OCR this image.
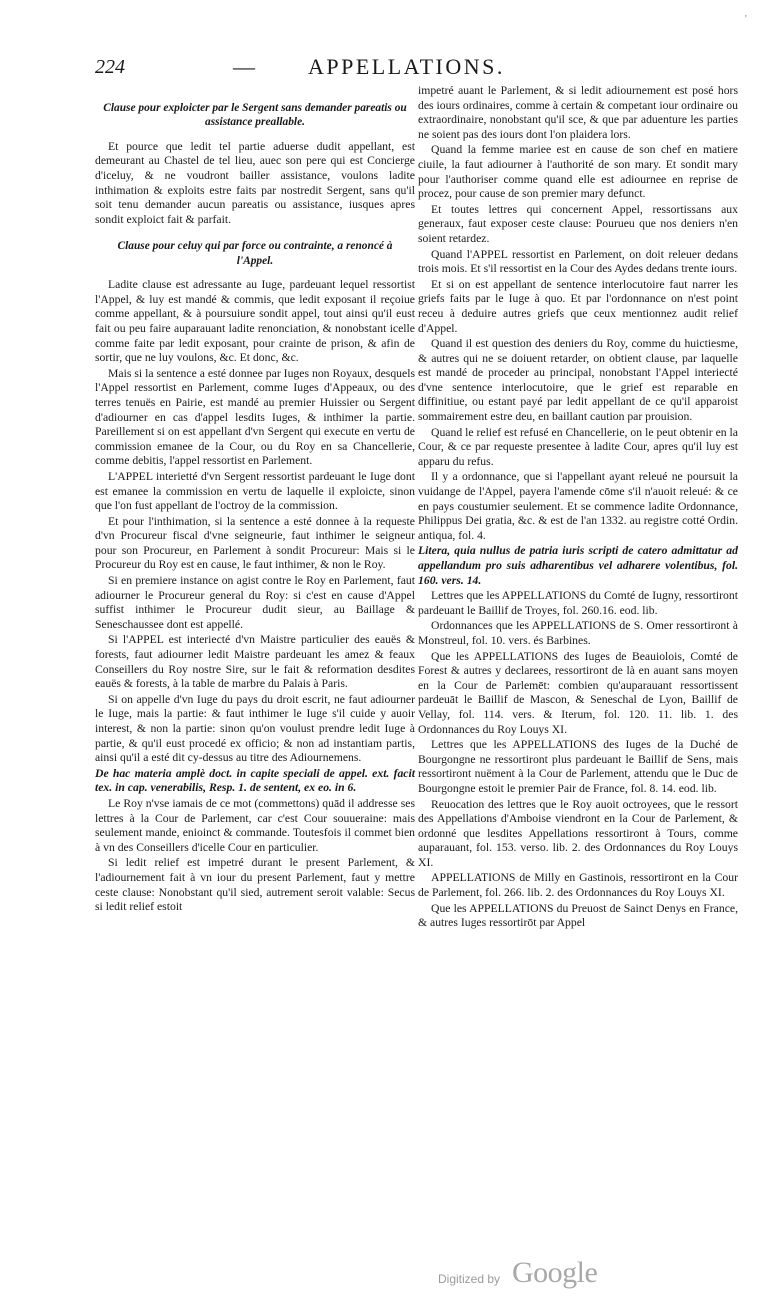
'
224	— APPELLATIONS.
Clause pour exploicter par le Sergent sans demander pareatis ou assistance preallable.

Et pource que ledit tel partie aduerse dudit appellant, est demeurant au Chastel de tel lieu, auec son pere qui est Concierge d'iceluy, & ne voudront bailler assistance, voulons ladite inthimation & exploits estre faits par nostredit Sergent, sans qu'il soit tenu demander aucun pareatis ou assistance, iusques apres sondit exploict fait & parfait.

Clause pour celuy qui par force ou contrainte, a renoncé à l'Appel.

Ladite clause est adressante au Iuge, pardeuant lequel ressortist l'Appel, & luy est mandé & commis, que ledit exposant il reçoiue comme appellant, & à poursuiure sondit appel, tout ainsi qu'il eust fait ou peu faire auparauant ladite renonciation, & nonobstant icelle comme faite par ledit exposant, pour crainte de prison, & afin de sortir, que ne luy voulons, &c. Et donc, &c.

Mais si la sentence a esté donnee par Iuges non Royaux, desquels l'Appel ressortist en Parlement, comme Iuges d'Appeaux, ou des terres tenuës en Pairie, est mandé au premier Huissier ou Sergent d'adiourner en cas d'appel lesdits Iuges, & inthimer la partie. Pareillement si on est appellant d'vn Sergent qui execute en vertu de commission emanee de la Cour, ou du Roy en sa Chancellerie, comme debitis, l'appel ressortist en Parlement.

L'APPEL interietté d'vn Sergent ressortist pardeuant le Iuge dont est emanee la commission en vertu de laquelle il exploicte, sinon que l'on fust appellant de l'octroy de la commission.

Et pour l'inthimation, si la sentence a esté donnee à la requeste d'vn Procureur fiscal d'vne seigneurie, faut inthimer le seigneur pour son Procureur, en Parlement à sondit Procureur: Mais si le Procureur du Roy est en cause, le faut inthimer, & non le Roy.

Si en premiere instance on agist contre le Roy en Parlement, faut adiourner le Procureur general du Roy: si c'est en cause d'Appel suffist inthimer le Procureur dudit sieur, au Baillage & Seneschaussee dont est appellé.

Si l'APPEL est interiecté d'vn Maistre particulier des eauës & forests, faut adiourner ledit Maistre pardeuant les amez & feaux Conseillers du Roy nostre Sire, sur le fait & reformation desdites eauës & forests, à la table de marbre du Palais à Paris.

Si on appelle d'vn Iuge du pays du droit escrit, ne faut adiourner le Iuge, mais la partie: & faut inthimer le Iuge s'il cuide y auoir interest, & non la partie: sinon qu'on voulust prendre ledit Iuge à partie, & qu'il eust procedé ex officio; & non ad instantiam partis, ainsi qu'il a esté dit cy-dessus au titre des Adiournemens.

De hac materia amplè doct. in capite speciali de appel. ext. facit tex. in cap. venerabilis, Resp. 1. de sentent, ex eo. in 6.

Le Roy n'vse iamais de ce mot (commettons) quād il addresse ses lettres à la Cour de Parlement, car c'est Cour souueraine: mais seulement mande, enioinct & commande. Toutesfois il commet bien à vn des Conseillers d'icelle Cour en particulier.

Si ledit relief est impetré durant le present Parlement, & l'adiournement fait à vn iour du present Parlement, faut y mettre ceste clause: Nonobstant qu'il sied, autrement seroit valable: Secus si ledit relief estoit

impetré auant le Parlement, & si ledit adiournement est posé hors des iours ordinaires, comme à certain & competant iour ordinaire ou extraordinaire, nonobstant qu'il sce, & que par aduenture les parties ne soient pas des iours dont l'on plaidera lors.

Quand la femme mariee est en cause de son chef en matiere ciuile, la faut adiourner à l'authorité de son mary. Et sondit mary pour l'authoriser comme quand elle est adiournee en reprise de procez, pour cause de son premier mary defunct.

Et toutes lettres qui concernent Appel, ressortissans aux generaux, faut exposer ceste clause: Pourueu que nos deniers n'en soient retardez.

Quand l'APPEL ressortist en Parlement, on doit releuer dedans trois mois. Et s'il ressortist en la Cour des Aydes dedans trente iours.

Et si on est appellant de sentence interlocutoire faut narrer les griefs faits par le Iuge à quo. Et par l'ordonnance on n'est point receu à deduire autres griefs que ceux mentionnez audit relief d'Appel.

Quand il est question des deniers du Roy, comme du huictiesme, & autres qui ne se doiuent retarder, on obtient clause, par laquelle est mandé de proceder au principal, nonobstant l'Appel interiecté d'vne sentence interlocutoire, que le grief est reparable en diffinitiue, ou estant payé par ledit appellant de ce qu'il apparoist sommairement estre deu, en baillant caution par prouision.

Quand le relief est refusé en Chancellerie, on le peut obtenir en la Cour, & ce par requeste presentee à ladite Cour, apres qu'il luy est apparu du refus.

Il y a ordonnance, que si l'appellant ayant releué ne poursuit la vuidange de l'Appel, payera l'amende cōme s'il n'auoit releué: & ce en pays coustumier seulement. Et se commence ladite Ordonnance, Philippus Dei gratia, &c. & est de l'an 1332. au registre cotté Ordin. antiqua, fol. 4.

Litera, quia nullus de patria iuris scripti de catero admittatur ad appellandum pro suis adharentibus vel adharere volentibus, fol. 160. vers. 14.

Lettres que les APPELLATIONS du Comté de Iugny, ressortiront pardeuant le Baillif de Troyes, fol. 260.16. eod. lib.

Ordonnances que les APPELLATIONS de S. Omer ressortiront à Monstreul, fol. 10. vers. és Barbines.

Que les APPELLATIONS des Iuges de Beauiolois, Comté de Forest & autres y declarees, ressortiront de là en auant sans moyen en la Cour de Parlemēt: combien qu'auparauant ressortissent pardeuāt le Baillif de Mascon, & Seneschal de Lyon, Baillif de Vellay, fol. 114. vers. & Iterum, fol. 120. 11. lib. 1. des Ordonnances du Roy Louys XI.

Lettres que les APPELLATIONS des Iuges de la Duché de Bourgongne ne ressortiront plus pardeuant le Baillif de Sens, mais ressortiront nuëment à la Cour de Parlement, attendu que le Duc de Bourgongne estoit le premier Pair de France, fol. 8. 14. eod. lib.

Reuocation des lettres que le Roy auoit octroyees, que le ressort des Appellations d'Amboise viendront en la Cour de Parlement, & ordonné que lesdites Appellations ressortiront à Tours, comme auparauant, fol. 153. verso. lib. 2. des Ordonnances du Roy Louys XI.

APPELLATIONS de Milly en Gastinois, ressortiront en la Cour de Parlement, fol. 266. lib. 2. des Ordonnances du Roy Louys XI.

Que les APPELLATIONS du Preuost de Sainct Denys en France, & autres Iuges ressortirōt par Appel

Digitized by Google
